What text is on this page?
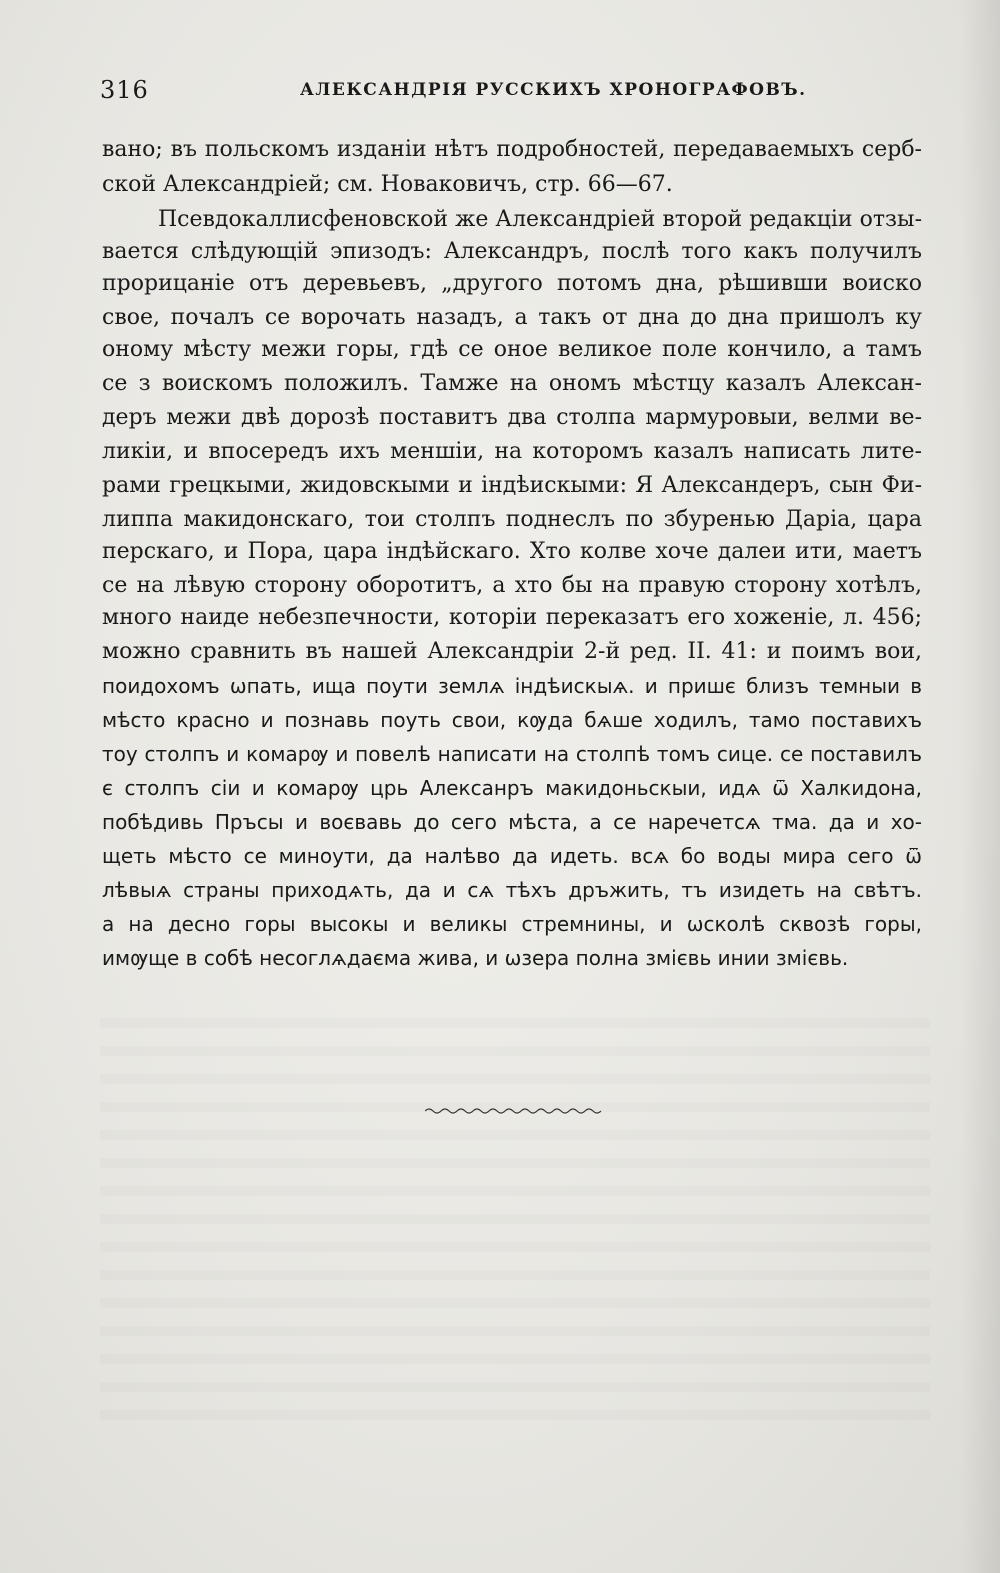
316	АЛЕКСАНДРІЯ РУССКИХЪ ХРОНОГРАФОВЪ.
вано; въ польскомъ изданіи нѣтъ подробностей, передаваемыхъ серб-
ской Александріей; см. Новаковичъ, стр. 66—67.
Псевдокаллисфеновской же Александріей второй редакціи отзы-
вается слѣдующій эпизодъ: Александръ, послѣ того какъ получилъ
прорицаніе отъ деревьевъ, „другого потомъ дна, рѣшивши воиско
свое, почалъ се ворочать назадъ, а такъ от дна до дна пришолъ ку
оному мѣсту межи горы, гдѣ се оное великое поле кончило, а тамъ
се з воискомъ положилъ. Тамже на ономъ мѣстцу казалъ Алексан-
деръ межи двѣ дорозѣ поставитъ два столпа мармуровыи, велми ве-
ликіи, и впосередъ ихъ меншіи, на которомъ казалъ написать лите-
рами грецкыми, жидовскыми и індѣискыми: Я Александеръ, сын Фи-
липпа макидонскаго, тои столпъ поднеслъ по збуренью Даріа, цара
перскаго, и Пора, цара індѣйскаго. Хто колве хоче далеи ити, маетъ
се на лѣвую сторону оборотитъ, а хто бы на правую сторону хотѣлъ,
много наиде небезпечности, которіи переказатъ его хоженіе, л. 456;
можно сравнить въ нашей Александріи 2-й ред. II. 41: и поимъ вои,
поидохомъ ѡпать, ища поути землѧ індѣискыѧ. и пришє близъ темныи в
мѣсто красно и познавь поуть свои, кѹда бѧше ходилъ, тамо поставихъ
тоу столпъ и комарѹ и повелѣ написати на столпѣ томъ сице. се поставилъ
є столпъ сіи и комарѹ црь Алексанръ макидоньскыи, идѧ ѿ Халкидона,
побѣдивь Пръсы и воєвавь до сего мѣста, а се наречетсѧ тма. да и хо-
щеть мѣсто се миноути, да налѣво да идеть. всѧ бо воды мира сего ѿ
лѣвыѧ страны приходѧть, да и сѧ тѣхъ дръжить, тъ изидеть на свѣтъ.
а на десно горы высокы и великы стремнины, и ѡсколѣ сквозѣ горы,
имѹще в собѣ несоглѧдаєма жива, и ѡзера полна змієвь инии змієвь.
